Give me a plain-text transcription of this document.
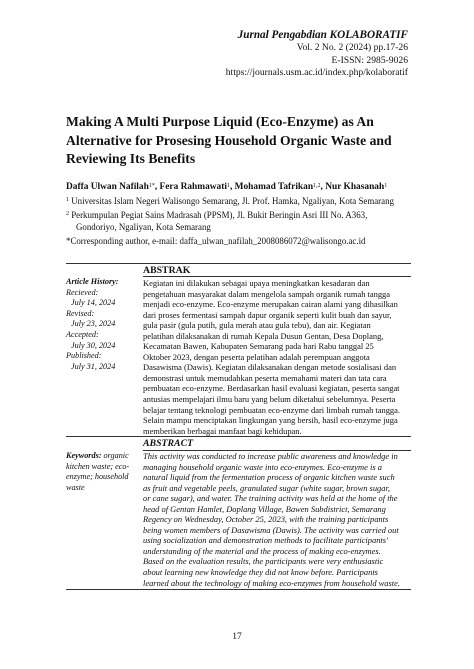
Jurnal Pengabdian KOLABORATIF
Vol. 2 No. 2 (2024) pp.17-26
E-ISSN: 2985-9026
https://journals.usm.ac.id/index.php/kolaboratif
Making A Multi Purpose Liquid (Eco-Enzyme) as An Alternative for Prosesing Household Organic Waste and Reviewing Its Benefits
Daffa Ulwan Nafilah$^{1*}$, Fera Rahmawati$^1$, Mohamad Tafrikan$^{1,2}$, Nur Khasanah$^1$
$^1$ Universitas Islam Negeri Walisongo Semarang, Jl. Prof. Hamka, Ngaliyan, Kota Semarang
$^2$ Perkumpulan Pegiat Sains Madrasah (PPSM), Jl. Bukit Beringin Asri III No. A363,
Gondoriyo, Ngaliyan, Kota Semarang
*Corresponding author, e-mail: daffa_ulwan_nafilah_2008086072@walisongo.ac.id
Article History:
Recieved:
July 14, 2024
Revised:
July 23, 2024
Accepted:
July 30, 2024
Published:
July 31, 2024
ABSTRAK
Kegiatan ini dilakukan sebagai upaya meningkatkan kesadaran dan
pengetahuan masyarakat dalam mengelola sampah organik rumah tangga
menjadi eco-enzyme. Eco-enzyme merupakan cairan alami yang dihasilkan
dari proses fermentasi sampah dapur organik seperti kulit buah dan sayur,
gula pasir (gula putih, gula merah atau gula tebu), dan air. Kegiatan
pelatihan dilaksanakan di rumah Kepala Dusun Gentan, Desa Doplang,
Kecamatan Bawen, Kabupaten Semarang pada hari Rabu tanggal 25
Oktober 2023, dengan peserta pelatihan adalah perempuan anggota
Dasawisma (Dawis). Kegiatan dilaksanakan dengan metode sosialisasi dan
demonstrasi untuk memudahkan peserta memahami materi dan tata cara
pembuatan eco-enzyme. Berdasarkan hasil evaluasi kegiatan, peserta sangat
antusias mempelajari ilmu baru yang belum diketahui sebelumnya. Peserta
belajar tentang teknologi pembuatan eco-enzyme dari limbah rumah tangga.
Selain mampu menciptakan lingkungan yang bersih, hasil eco-enzyme juga
memberikan berbagai manfaat bagi kehidupan.
Keywords: organic kitchen waste; eco-enzyme; household waste
ABSTRACT
This activity was conducted to increase public awareness and knowledge in
managing household organic waste into eco-enzymes. Eco-enzyme is a
natural liquid from the fermentation process of organic kitchen waste such
as fruit and vegetable peels, granulated sugar (white sugar, brown sugar,
or cane sugar), and water. The training activity was held at the home of the
head of Gentan Hamlet, Doplang Village, Bawen Subdistrict, Semarang
Regency on Wednesday, October 25, 2023, with the training participants
being women members of Dasawisma (Dawis). The activity was carried out
using socialization and demonstration methods to facilitate participants'
understanding of the material and the process of making eco-enzymes.
Based on the evaluation results, the participants were very enthusiastic
about learning new knowledge they did not know before. Participants
learned about the technology of making eco-enzymes from household waste.
17
